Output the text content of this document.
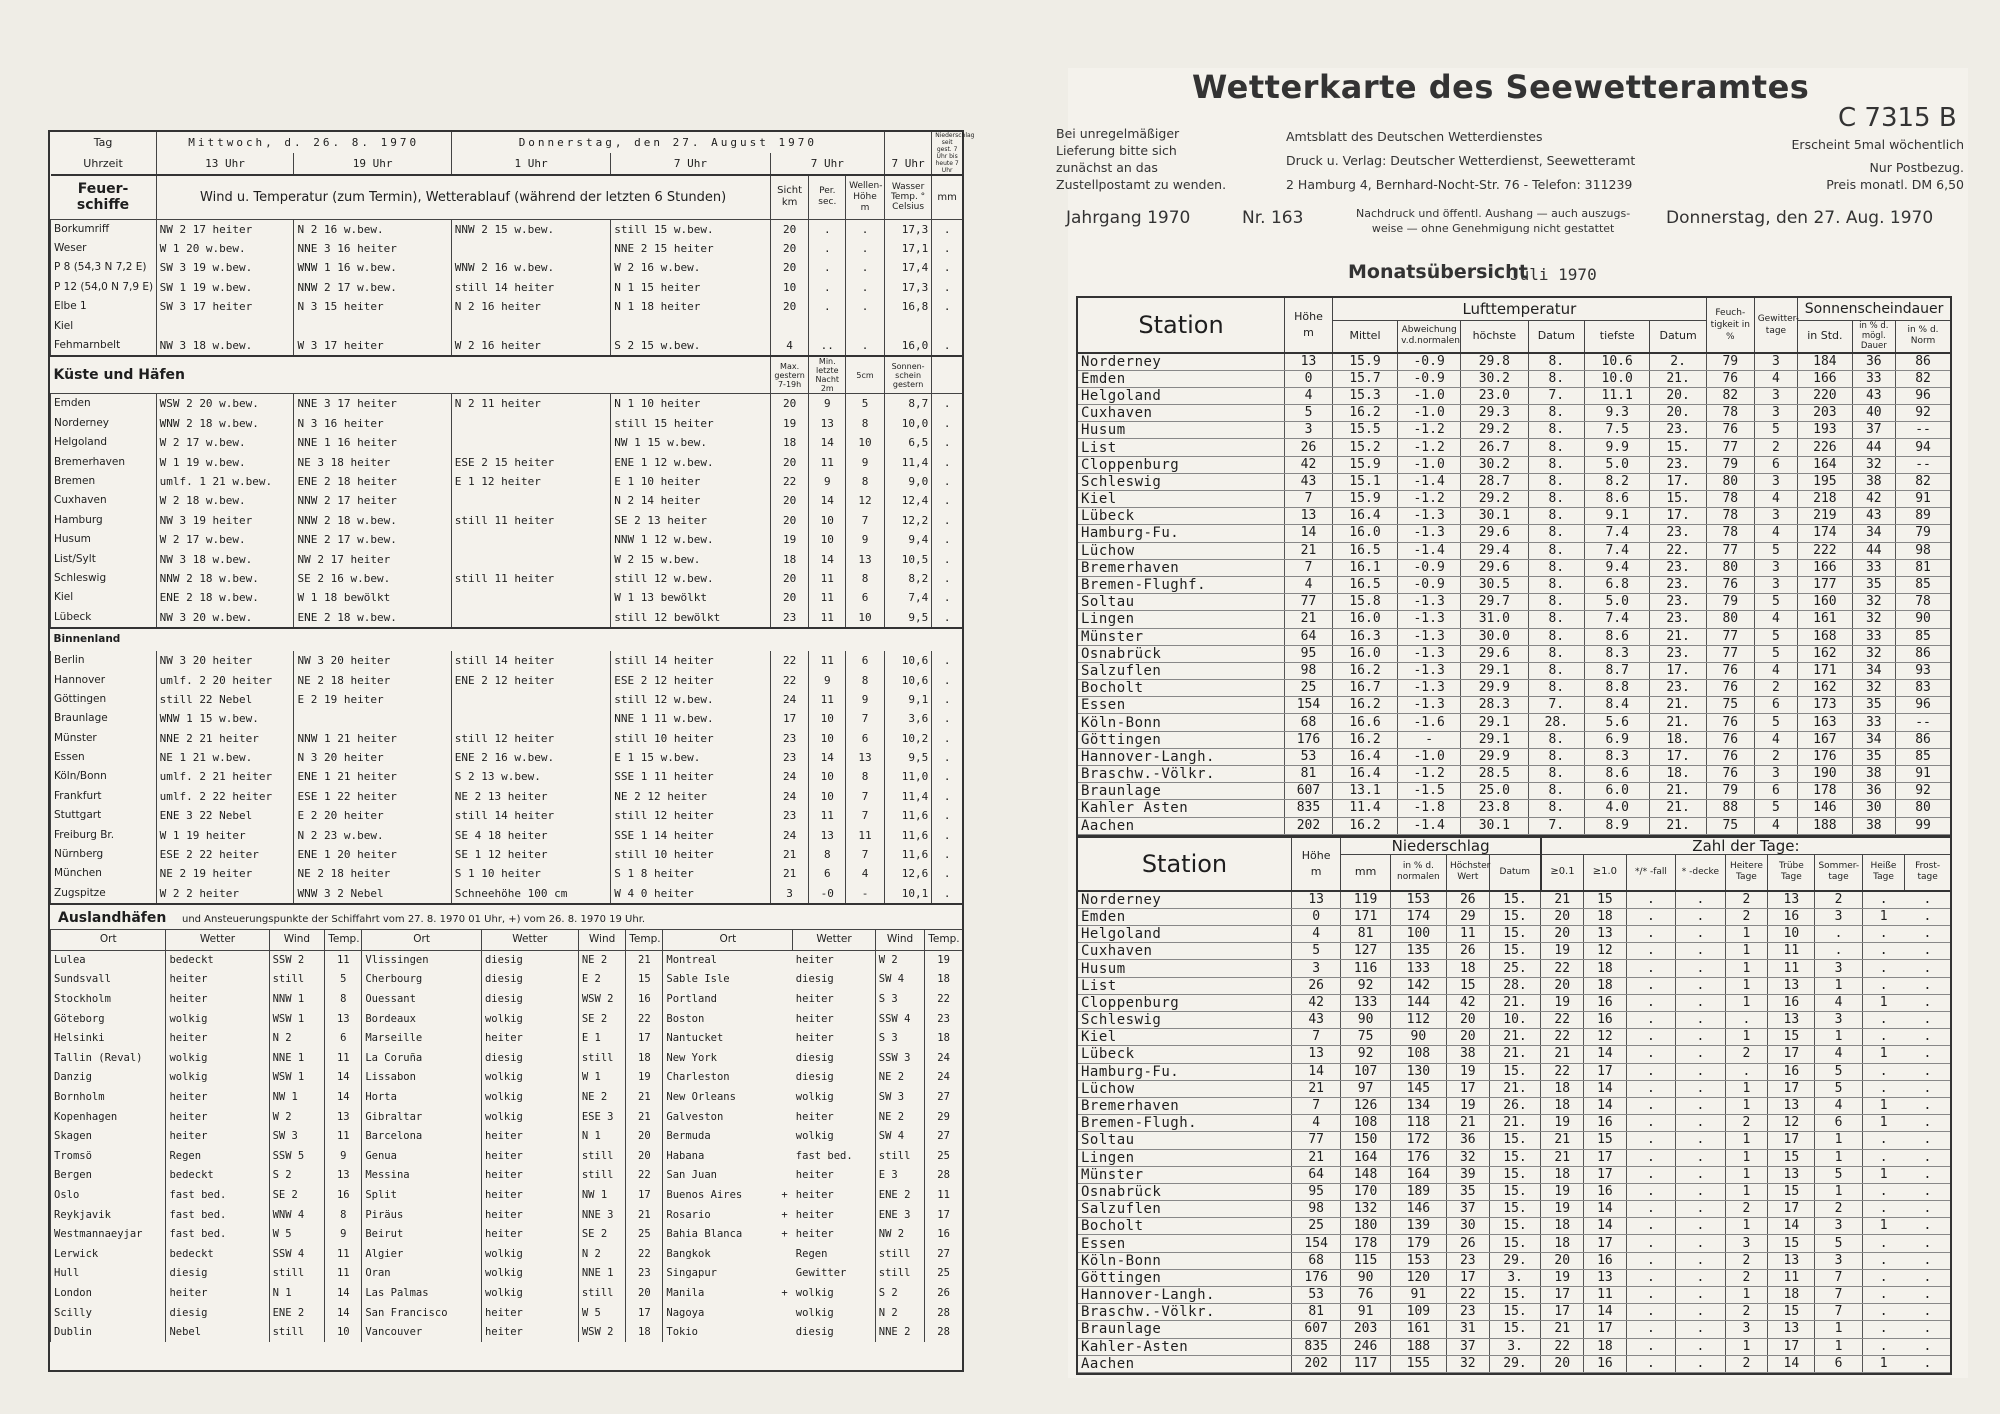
Wetterkarte des Seewetteramtes
C 7315 B
Bei unregelmäßiger
Lieferung bitte sich
zunächst an das
Zustellpostamt zu wenden.
Amtsblatt des Deutschen Wetterdienstes
Druck u. Verlag: Deutscher Wetterdienst, Seewetteramt
2 Hamburg 4, Bernhard-Nocht-Str. 76 - Telefon: 311239
Erscheint 5mal wöchentlich
Nur Postbezug.
Preis monatl. DM 6,50
Jahrgang 1970	Nr. 163	Nachdruck und öffentl. Aushang — auch auszugs-
weise — ohne Genehmigung nicht gestattet
Donnerstag, den 27. Aug. 1970
Monatsübersicht
Juli 1970
Station	Höhe m	Lufttemperatur						Feuch-tigkeit in %	Gewitter-tage	Sonnenscheindauer		
		Mittel	Abweichung v.d.normalen	höchste	Datum	tiefste	Datum			in Std.	in % d. mögl. Dauer	in % d. Norm
Norderney	13	15.9	-0.9	29.8	8.	10.6	2.	79	3	184	36	86
Emden	0	15.7	-0.9	30.2	8.	10.0	21.	76	4	166	33	82
Helgoland	4	15.3	-1.0	23.0	7.	11.1	20.	82	3	220	43	96
Cuxhaven	5	16.2	-1.0	29.3	8.	9.3	20.	78	3	203	40	92
Husum	3	15.5	-1.2	29.2	8.	7.5	23.	76	5	193	37	--
List	26	15.2	-1.2	26.7	8.	9.9	15.	77	2	226	44	94
Cloppenburg	42	15.9	-1.0	30.2	8.	5.0	23.	79	6	164	32	--
Schleswig	43	15.1	-1.4	28.7	8.	8.2	17.	80	3	195	38	82
Kiel	7	15.9	-1.2	29.2	8.	8.6	15.	78	4	218	42	91
Lübeck	13	16.4	-1.3	30.1	8.	9.1	17.	78	3	219	43	89
Hamburg-Fu.	14	16.0	-1.3	29.6	8.	7.4	23.	78	4	174	34	79
Lüchow	21	16.5	-1.4	29.4	8.	7.4	22.	77	5	222	44	98
Bremerhaven	7	16.1	-0.9	29.6	8.	9.4	23.	80	3	166	33	81
Bremen-Flughf.	4	16.5	-0.9	30.5	8.	6.8	23.	76	3	177	35	85
Soltau	77	15.8	-1.3	29.7	8.	5.0	23.	79	5	160	32	78
Lingen	21	16.0	-1.3	31.0	8.	7.4	23.	80	4	161	32	90
Münster	64	16.3	-1.3	30.0	8.	8.6	21.	77	5	168	33	85
Osnabrück	95	16.0	-1.3	29.6	8.	8.3	23.	77	5	162	32	86
Salzuflen	98	16.2	-1.3	29.1	8.	8.7	17.	76	4	171	34	93
Bocholt	25	16.7	-1.3	29.9	8.	8.8	23.	76	2	162	32	83
Essen	154	16.2	-1.3	28.3	7.	8.4	21.	75	6	173	35	96
Köln-Bonn	68	16.6	-1.6	29.1	28.	5.6	21.	76	5	163	33	--
Göttingen	176	16.2	-	29.1	8.	6.9	18.	76	4	167	34	86
Hannover-Langh.	53	16.4	-1.0	29.9	8.	8.3	17.	76	2	176	35	85
Braschw.-Völkr.	81	16.4	-1.2	28.5	8.	8.6	18.	76	3	190	38	91
Braunlage	607	13.1	-1.5	25.0	8.	6.0	21.	79	6	178	36	92
Kahler Asten	835	11.4	-1.8	23.8	8.	4.0	21.	88	5	146	30	80
Aachen	202	16.2	-1.4	30.1	7.	8.9	21.	75	4	188	38	99
Station	Höhe m	Niederschlag				Zahl der Tage:								
		mm	in % d. normalen	Höchster Wert	Datum	≥0.1	≥1.0	*/* -fall	* -decke	Heitere Tage	Trübe Tage	Sommer-tage	Heiße Tage	Frost-tage
Norderney	13	119	153	26	15.	21	15	.	.	2	13	2	.	.
Emden	0	171	174	29	15.	20	18	.	.	2	16	3	1	.
Helgoland	4	81	100	11	15.	20	13	.	.	1	10	.	.	.
Cuxhaven	5	127	135	26	15.	19	12	.	.	1	11	.	.	.
Husum	3	116	133	18	25.	22	18	.	.	1	11	3	.	.
List	26	92	142	15	28.	20	18	.	.	1	13	1	.	.
Cloppenburg	42	133	144	42	21.	19	16	.	.	1	16	4	1	.
Schleswig	43	90	112	20	10.	22	16	.	.	.	13	3	.	.
Kiel	7	75	90	20	21.	22	12	.	.	1	15	1	.	.
Lübeck	13	92	108	38	21.	21	14	.	.	2	17	4	1	.
Hamburg-Fu.	14	107	130	19	15.	22	17	.	.	.	16	5	.	.
Lüchow	21	97	145	17	21.	18	14	.	.	1	17	5	.	.
Bremerhaven	7	126	134	19	26.	18	14	.	.	1	13	4	1	.
Bremen-Flugh.	4	108	118	21	21.	19	16	.	.	2	12	6	1	.
Soltau	77	150	172	36	15.	21	15	.	.	1	17	1	.	.
Lingen	21	164	176	32	15.	21	17	.	.	1	15	1	.	.
Münster	64	148	164	39	15.	18	17	.	.	1	13	5	1	.
Osnabrück	95	170	189	35	15.	19	16	.	.	1	15	1	.	.
Salzuflen	98	132	146	37	15.	19	14	.	.	2	17	2	.	.
Bocholt	25	180	139	30	15.	18	14	.	.	1	14	3	1	.
Essen	154	178	179	26	15.	18	17	.	.	3	15	5	.	.
Köln-Bonn	68	115	153	23	29.	20	16	.	.	2	13	3	.	.
Göttingen	176	90	120	17	3.	19	13	.	.	2	11	7	.	.
Hannover-Langh.	53	76	91	22	15.	17	11	.	.	1	18	7	.	.
Braschw.-Völkr.	81	91	109	23	15.	17	14	.	.	2	15	7	.	.
Braunlage	607	203	161	31	15.	21	17	.	.	3	13	1	.	.
Kahler-Asten	835	246	188	37	3.	22	18	.	.	1	17	1	.	.
Aachen	202	117	155	32	29.	20	16	.	.	2	14	6	1	.
Tag	Mittwoch, d. 26. 8. 1970		Donnerstag, den 27. August 1970						Niederschlag seit gest. 7 Uhr bis heute 7 Uhr
Uhrzeit	13 Uhr	19 Uhr	1 Uhr	7 Uhr	7 Uhr			7 Uhr	
Feuer-schiffe	Wind u. Temperatur (zum Termin), Wetterablauf (während der letzten 6 Stunden)				Sicht km	Per. sec.	Wellen-Höhe m	Wasser Temp. ° Celsius	mm
Borkumriff	NW 2 17 heiter	N 2 16 w.bew.	NNW 2 15 w.bew.	still 15 w.bew.	20	.	.	17,3	.
Weser	W 1 20 w.bew.	NNE 3 16 heiter		NNE 2 15 heiter	20	.	.	17,1	.
P 8 (54,3 N 7,2 E)	SW 3 19 w.bew.	WNW 1 16 w.bew.	WNW 2 16 w.bew.	W 2 16 w.bew.	20	.	.	17,4	.
P 12 (54,0 N 7,9 E)	SW 1 19 w.bew.	NNW 2 17 w.bew.	still 14 heiter	N 1 15 heiter	10	.	.	17,3	.
Elbe 1	SW 3 17 heiter	N 3 15 heiter	N 2 16 heiter	N 1 18 heiter	20	.	.	16,8	.
Kiel									
Fehmarnbelt	NW 3 18 w.bew.	W 3 17 heiter	W 2 16 heiter	S 2 15 w.bew.	4	..	.	16,0	.
Küste und Häfen					Max. gestern 7-19h	Min. letzte Nacht 2m	5cm	Sonnen-schein gestern	
Emden	WSW 2 20 w.bew.	NNE 3 17 heiter	N 2 11 heiter	N 1 10 heiter	20	9	5	8,7	.
Norderney	WNW 2 18 w.bew.	N 3 16 heiter		still 15 heiter	19	13	8	10,0	.
Helgoland	W 2 17 w.bew.	NNE 1 16 heiter		NW 1 15 w.bew.	18	14	10	6,5	.
Bremerhaven	W 1 19 w.bew.	NE 3 18 heiter	ESE 2 15 heiter	ENE 1 12 w.bew.	20	11	9	11,4	.
Bremen	umlf. 1 21 w.bew.	ENE 2 18 heiter	E 1 12 heiter	E 1 10 heiter	22	9	8	9,0	.
Cuxhaven	W 2 18 w.bew.	NNW 2 17 heiter		N 2 14 heiter	20	14	12	12,4	.
Hamburg	NW 3 19 heiter	NNW 2 18 w.bew.	still 11 heiter	SE 2 13 heiter	20	10	7	12,2	.
Husum	W 2 17 w.bew.	NNE 2 17 w.bew.		NNW 1 12 w.bew.	19	10	9	9,4	.
List/Sylt	NW 3 18 w.bew.	NW 2 17 heiter		W 2 15 w.bew.	18	14	13	10,5	.
Schleswig	NNW 2 18 w.bew.	SE 2 16 w.bew.	still 11 heiter	still 12 w.bew.	20	11	8	8,2	.
Kiel	ENE 2 18 w.bew.	W 1 18 bewölkt		W 1 13 bewölkt	20	11	6	7,4	.
Lübeck	NW 3 20 w.bew.	ENE 2 18 w.bew.		still 12 bewölkt	23	11	10	9,5	.
Binnenland									
Berlin	NW 3 20 heiter	NW 3 20 heiter	still 14 heiter	still 14 heiter	22	11	6	10,6	.
Hannover	umlf. 2 20 heiter	NE 2 18 heiter	ENE 2 12 heiter	ESE 2 12 heiter	22	9	8	10,6	.
Göttingen	still 22 Nebel	E 2 19 heiter		still 12 w.bew.	24	11	9	9,1	.
Braunlage	WNW 1 15 w.bew.			NNE 1 11 w.bew.	17	10	7	3,6	.
Münster	NNE 2 21 heiter	NNW 1 21 heiter	still 12 heiter	still 10 heiter	23	10	6	10,2	.
Essen	NE 1 21 w.bew.	N 3 20 heiter	ENE 2 16 w.bew.	E 1 15 w.bew.	23	14	13	9,5	.
Köln/Bonn	umlf. 2 21 heiter	ENE 1 21 heiter	S 2 13 w.bew.	SSE 1 11 heiter	24	10	8	11,0	.
Frankfurt	umlf. 2 22 heiter	ESE 1 22 heiter	NE 2 13 heiter	NE 2 12 heiter	24	10	7	11,4	.
Stuttgart	ENE 3 22 Nebel	E 2 20 heiter	still 14 heiter	still 12 heiter	23	11	7	11,6	.
Freiburg Br.	W 1 19 heiter	N 2 23 w.bew.	SE 4 18 heiter	SSE 1 14 heiter	24	13	11	11,6	.
Nürnberg	ESE 2 22 heiter	ENE 1 20 heiter	SE 1 12 heiter	still 10 heiter	21	8	7	11,6	.
München	NE 2 19 heiter	NE 2 18 heiter	S 1 10 heiter	S 1 8 heiter	21	6	4	12,6	.
Zugspitze	W 2 2 heiter	WNW 3 2 Nebel	Schneehöhe 100 cm	W 4 0 heiter	3	-0	-	10,1	.
Auslandhäfen und Ansteuerungspunkte der Schiffahrt vom 27. 8. 1970 01 Uhr, +) vom 26. 8. 1970 19 Uhr.
Ort	Wetter	Wind	Temp.	Ort	Wetter	Wind	Temp.	Ort		Wetter	Wind	Temp.
Lulea	bedeckt	SSW 2	11	Vlissingen	diesig	NE 2	21	Montreal		heiter	W 2	19
Sundsvall	heiter	still	5	Cherbourg	diesig	E 2	15	Sable Isle		diesig	SW 4	18
Stockholm	heiter	NNW 1	8	Ouessant	diesig	WSW 2	16	Portland		heiter	S 3	22
Göteborg	wolkig	WSW 1	13	Bordeaux	wolkig	SE 2	22	Boston		heiter	SSW 4	23
Helsinki	heiter	N 2	6	Marseille	heiter	E 1	17	Nantucket		heiter	S 3	18
Tallin (Reval)	wolkig	NNE 1	11	La Coruña	diesig	still	18	New York		diesig	SSW 3	24
Danzig	wolkig	WSW 1	14	Lissabon	wolkig	W 1	19	Charleston		diesig	NE 2	24
Bornholm	heiter	NW 1	14	Horta	wolkig	NE 2	21	New Orleans		wolkig	SW 3	27
Kopenhagen	heiter	W 2	13	Gibraltar	wolkig	ESE 3	21	Galveston		heiter	NE 2	29
Skagen	heiter	SW 3	11	Barcelona	heiter	N 1	20	Bermuda		wolkig	SW 4	27
Tromsö	Regen	SSW 5	9	Genua	heiter	still	20	Habana		fast bed.	still	25
Bergen	bedeckt	S 2	13	Messina	heiter	still	22	San Juan		heiter	E 3	28
Oslo	fast bed.	SE 2	16	Split	heiter	NW 1	17	Buenos Aires	+	heiter	ENE 2	11
Reykjavik	fast bed.	WNW 4	8	Piräus	heiter	NNE 3	21	Rosario	+	heiter	ENE 3	17
Westmannaeyjar	fast bed.	W 5	9	Beirut	heiter	SE 2	25	Bahia Blanca	+	heiter	NW 2	16
Lerwick	bedeckt	SSW 4	11	Algier	wolkig	N 2	22	Bangkok		Regen	still	27
Hull	diesig	still	11	Oran	wolkig	NNE 1	23	Singapur		Gewitter	still	25
London	heiter	N 1	14	Las Palmas	wolkig	still	20	Manila	+	wolkig	S 2	26
Scilly	diesig	ENE 2	14	San Francisco	heiter	W 5	17	Nagoya		wolkig	N 2	28
Dublin	Nebel	still	10	Vancouver	heiter	WSW 2	18	Tokio		diesig	NNE 2	28
